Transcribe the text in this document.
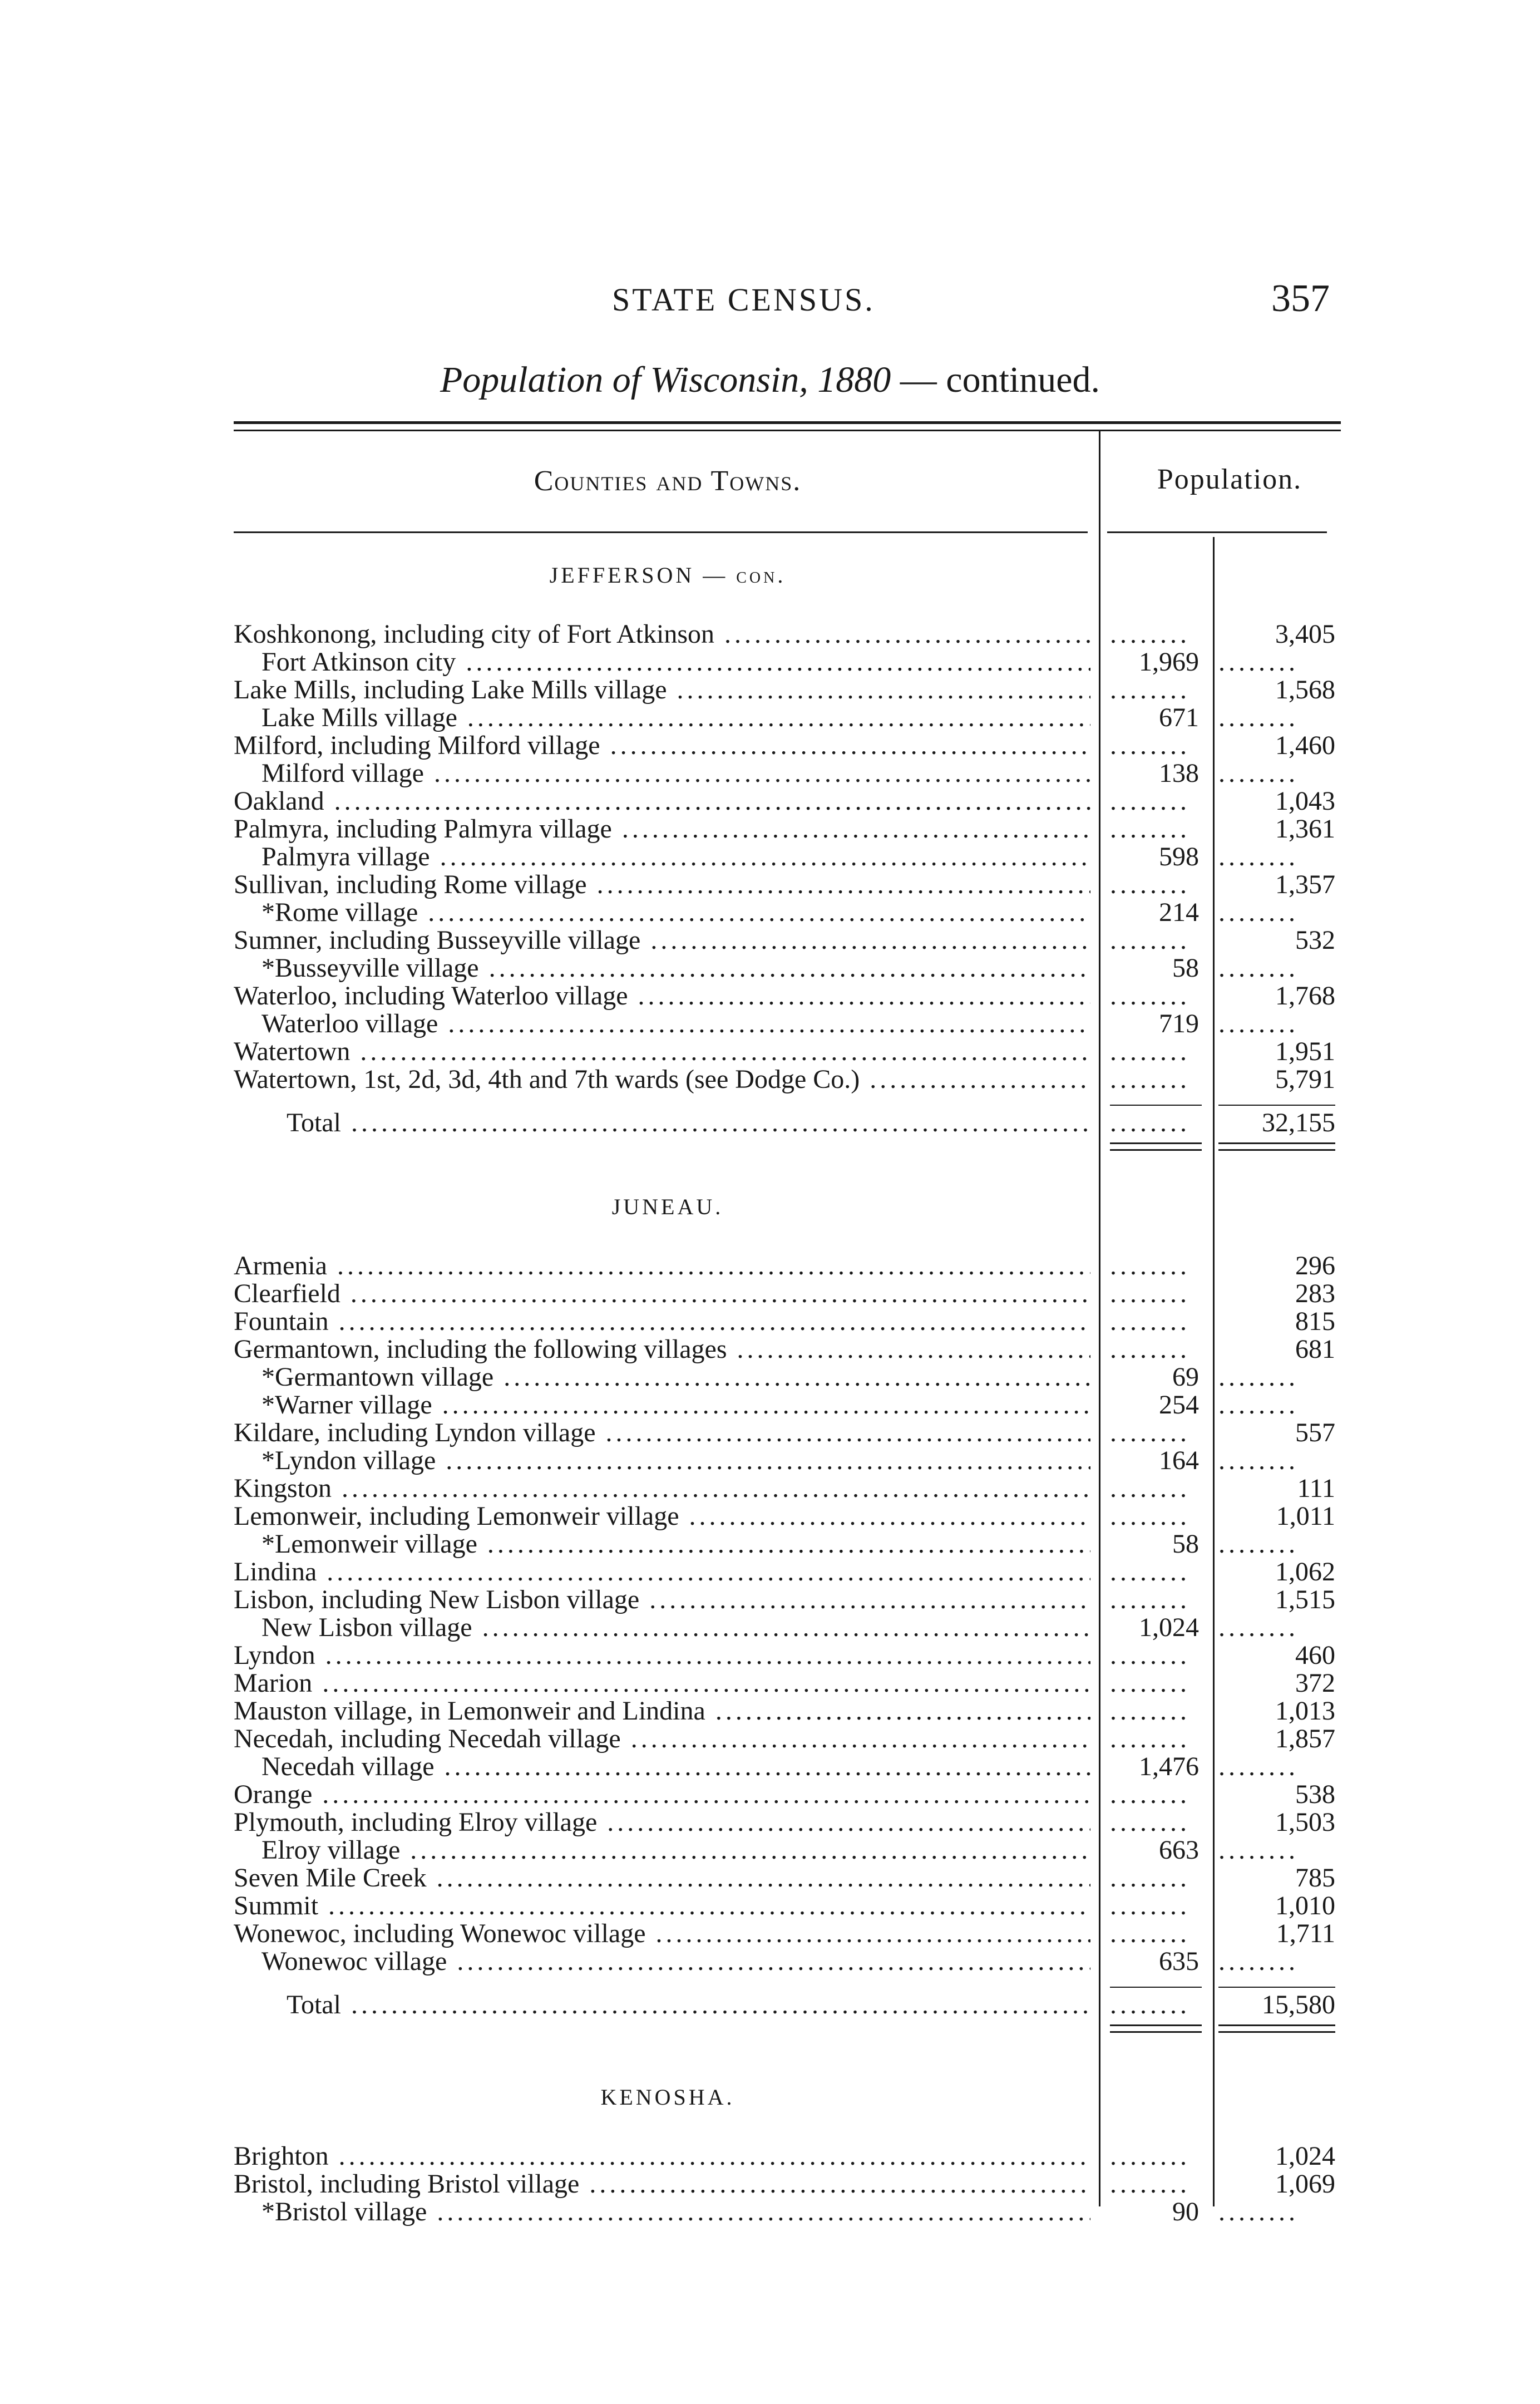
STATE CENSUS.	357
Population of Wisconsin, 1880 — continued.
Counties and Towns.	Population.
JEFFERSON — con.
Koshkonong, including city of Fort Atkinson .....	........	3,405
Fort Atkinson city .....	1,969 ........
Lake Mills, including Lake Mills village .....	........	1,568
Lake Mills village .....	671 ........
Milford, including Milford village .....	........	1,460
Milford village .....	138 ........
Oakland .....	........	1,043
Palmyra, including Palmyra village .....	........	1,361
Palmyra village .....	598 ........
Sullivan, including Rome village .....	........	1,357
*Rome village .....	214 ........
Sumner, including Busseyville village .....	........	532
*Busseyville village .....	58 ........
Waterloo, including Waterloo village .....	........	1,768
Waterloo village .....	719 ........
Watertown .....	........	1,951
Watertown, 1st, 2d, 3d, 4th and 7th wards (see Dodge Co.) .....	........	5,791
Total .....	........	32,155
JUNEAU.
Armenia .....	........	296
Clearfield .....	........	283
Fountain .....	........	815
Germantown, including the following villages .....	........	681
*Germantown village .....	69 ........
*Warner village .....	254 ........
Kildare, including Lyndon village .....	........	557
*Lyndon village .....	164 ........
Kingston .....	........	111
Lemonweir, including Lemonweir village .....	........	1,011
*Lemonweir village .....	58 ........
Lindina .....	........	1,062
Lisbon, including New Lisbon village .....	........	1,515
New Lisbon village .....	1,024 ........
Lyndon .....	........	460
Marion .....	........	372
Mauston village, in Lemonweir and Lindina .....	........	1,013
Necedah, including Necedah village .....	........	1,857
Necedah village .....	1,476 ........
Orange .....	........	538
Plymouth, including Elroy village .....	........	1,503
Elroy village .....	663 ........
Seven Mile Creek .....	........	785
Summit .....	........	1,010
Wonewoc, including Wonewoc village .....	........	1,711
Wonewoc village .....	635 ........
Total .....	........	15,580
KENOSHA.
Brighton .....	........	1,024
Bristol, including Bristol village .....	........	1,069
*Bristol village .....	90 ........
